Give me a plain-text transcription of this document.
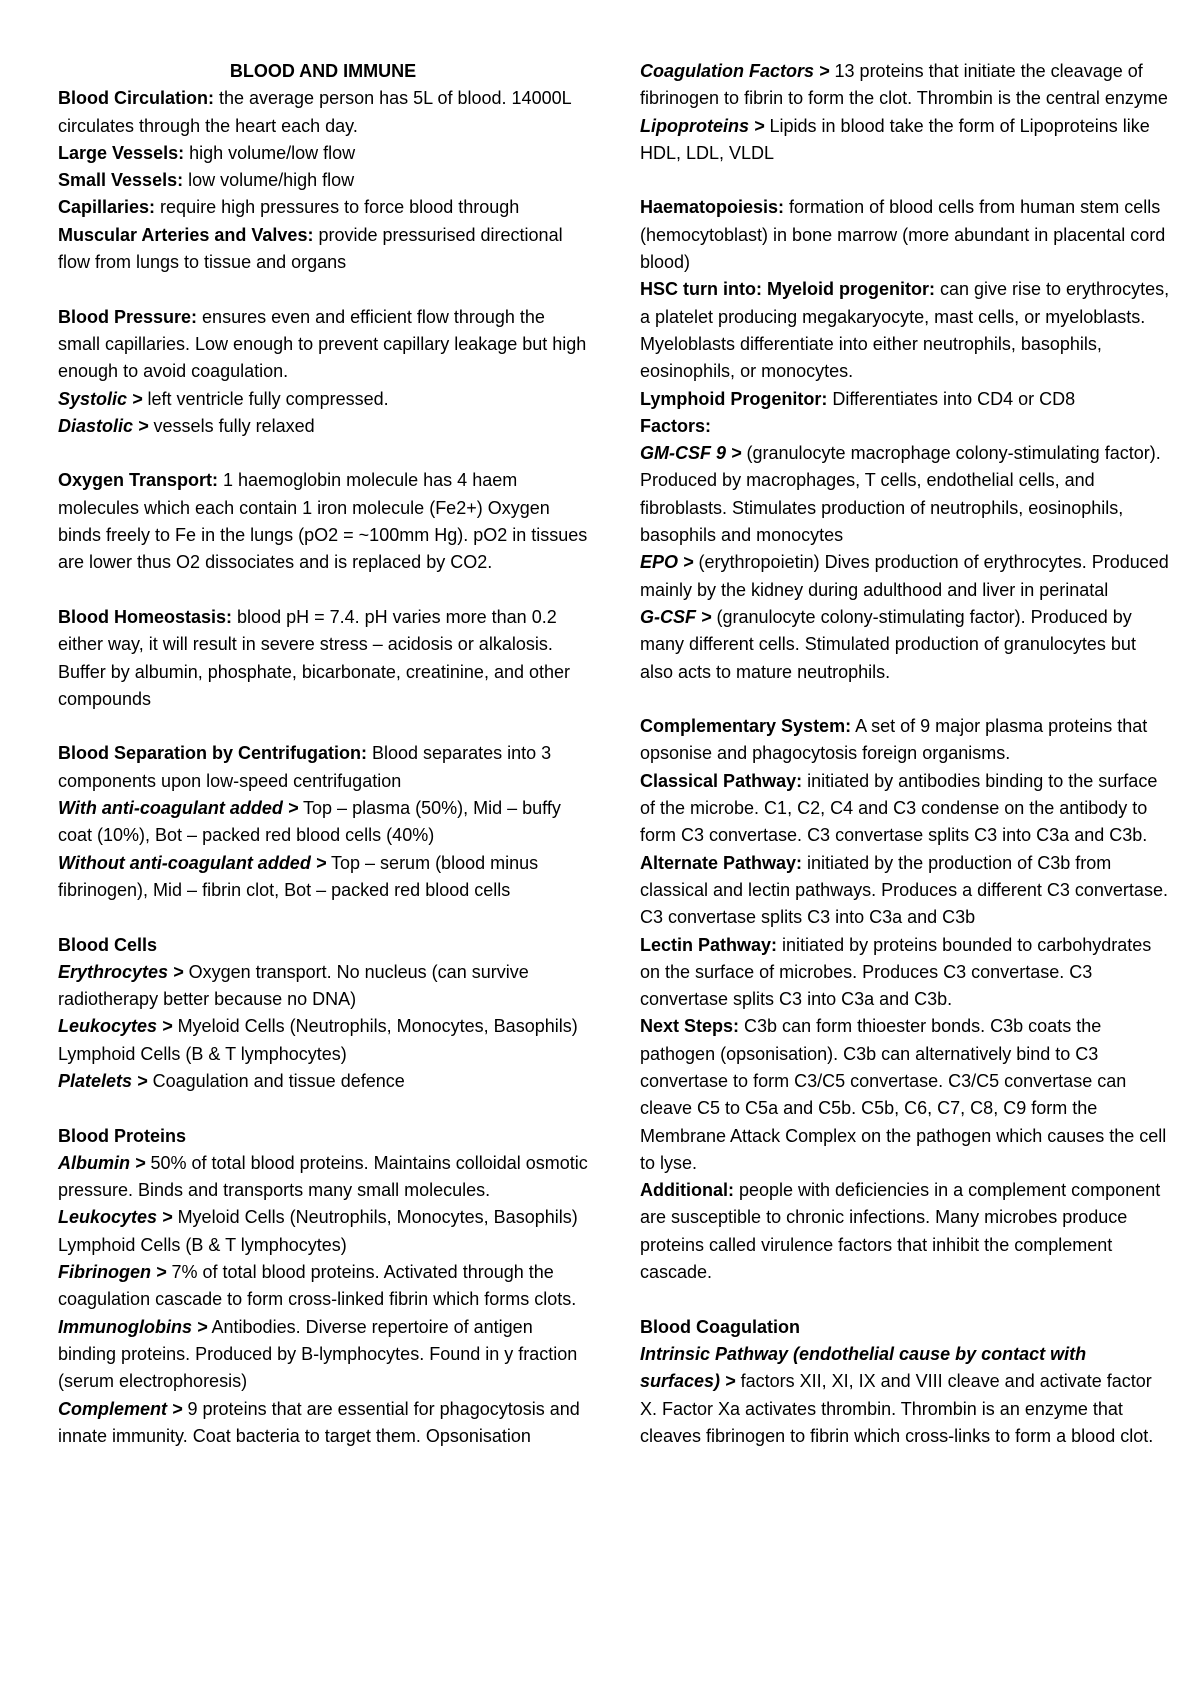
BLOOD AND IMMUNE

Blood Circulation: the average person has 5L of blood. 14000L circulates through the heart each day.

Large Vessels: high volume/low flow

Small Vessels: low volume/high flow

Capillaries: require high pressures to force blood through

Muscular Arteries and Valves: provide pressurised directional flow from lungs to tissue and organs

Blood Pressure: ensures even and efficient flow through the small capillaries. Low enough to prevent capillary leakage but high enough to avoid coagulation.

Systolic > left ventricle fully compressed.

Diastolic > vessels fully relaxed

Oxygen Transport: 1 haemoglobin molecule has 4 haem molecules which each contain 1 iron molecule (Fe2+) Oxygen binds freely to Fe in the lungs (pO2 = ~100mm Hg). pO2 in tissues are lower thus O2 dissociates and is replaced by CO2.

Blood Homeostasis: blood pH = 7.4. pH varies more than 0.2 either way, it will result in severe stress – acidosis or alkalosis. Buffer by albumin, phosphate, bicarbonate, creatinine, and other compounds

Blood Separation by Centrifugation: Blood separates into 3 components upon low-speed centrifugation

With anti-coagulant added > Top – plasma (50%), Mid – buffy coat (10%), Bot – packed red blood cells (40%)

Without anti-coagulant added > Top – serum (blood minus fibrinogen), Mid – fibrin clot, Bot – packed red blood cells

Blood Cells

Erythrocytes > Oxygen transport. No nucleus (can survive radiotherapy better because no DNA)

Leukocytes > Myeloid Cells (Neutrophils, Monocytes, Basophils) Lymphoid Cells (B & T lymphocytes)

Platelets > Coagulation and tissue defence

Blood Proteins

Albumin > 50% of total blood proteins. Maintains colloidal osmotic pressure. Binds and transports many small molecules.

Leukocytes > Myeloid Cells (Neutrophils, Monocytes, Basophils) Lymphoid Cells (B & T lymphocytes)

Fibrinogen > 7% of total blood proteins. Activated through the coagulation cascade to form cross-linked fibrin which forms clots.

Immunoglobins > Antibodies. Diverse repertoire of antigen binding proteins. Produced by B-lymphocytes. Found in y fraction (serum electrophoresis)

Complement > 9 proteins that are essential for phagocytosis and innate immunity. Coat bacteria to target them. Opsonisation

Coagulation Factors > 13 proteins that initiate the cleavage of fibrinogen to fibrin to form the clot. Thrombin is the central enzyme

Lipoproteins > Lipids in blood take the form of Lipoproteins like HDL, LDL, VLDL

Haematopoiesis: formation of blood cells from human stem cells (hemocytoblast) in bone marrow (more abundant in placental cord blood)

HSC turn into: Myeloid progenitor: can give rise to erythrocytes, a platelet producing megakaryocyte, mast cells, or myeloblasts. Myeloblasts differentiate into either neutrophils, basophils, eosinophils, or monocytes.

Lymphoid Progenitor: Differentiates into CD4 or CD8

Factors:

GM-CSF 9 > (granulocyte macrophage colony-stimulating factor). Produced by macrophages, T cells, endothelial cells, and fibroblasts. Stimulates production of neutrophils, eosinophils, basophils and monocytes

EPO > (erythropoietin) Dives production of erythrocytes. Produced mainly by the kidney during adulthood and liver in perinatal

G-CSF > (granulocyte colony-stimulating factor). Produced by many different cells. Stimulated production of granulocytes but also acts to mature neutrophils.

Complementary System: A set of 9 major plasma proteins that opsonise and phagocytosis foreign organisms.

Classical Pathway: initiated by antibodies binding to the surface of the microbe. C1, C2, C4 and C3 condense on the antibody to form C3 convertase. C3 convertase splits C3 into C3a and C3b.

Alternate Pathway: initiated by the production of C3b from classical and lectin pathways. Produces a different C3 convertase. C3 convertase splits C3 into C3a and C3b

Lectin Pathway: initiated by proteins bounded to carbohydrates on the surface of microbes. Produces C3 convertase. C3 convertase splits C3 into C3a and C3b.

Next Steps: C3b can form thioester bonds. C3b coats the pathogen (opsonisation). C3b can alternatively bind to C3 convertase to form C3/C5 convertase. C3/C5 convertase can cleave C5 to C5a and C5b. C5b, C6, C7, C8, C9 form the Membrane Attack Complex on the pathogen which causes the cell to lyse.

Additional: people with deficiencies in a complement component are susceptible to chronic infections. Many microbes produce proteins called virulence factors that inhibit the complement cascade.

Blood Coagulation

Intrinsic Pathway (endothelial cause by contact with surfaces) > factors XII, XI, IX and VIII cleave and activate factor X. Factor Xa activates thrombin. Thrombin is an enzyme that cleaves fibrinogen to fibrin which cross-links to form a blood clot.
